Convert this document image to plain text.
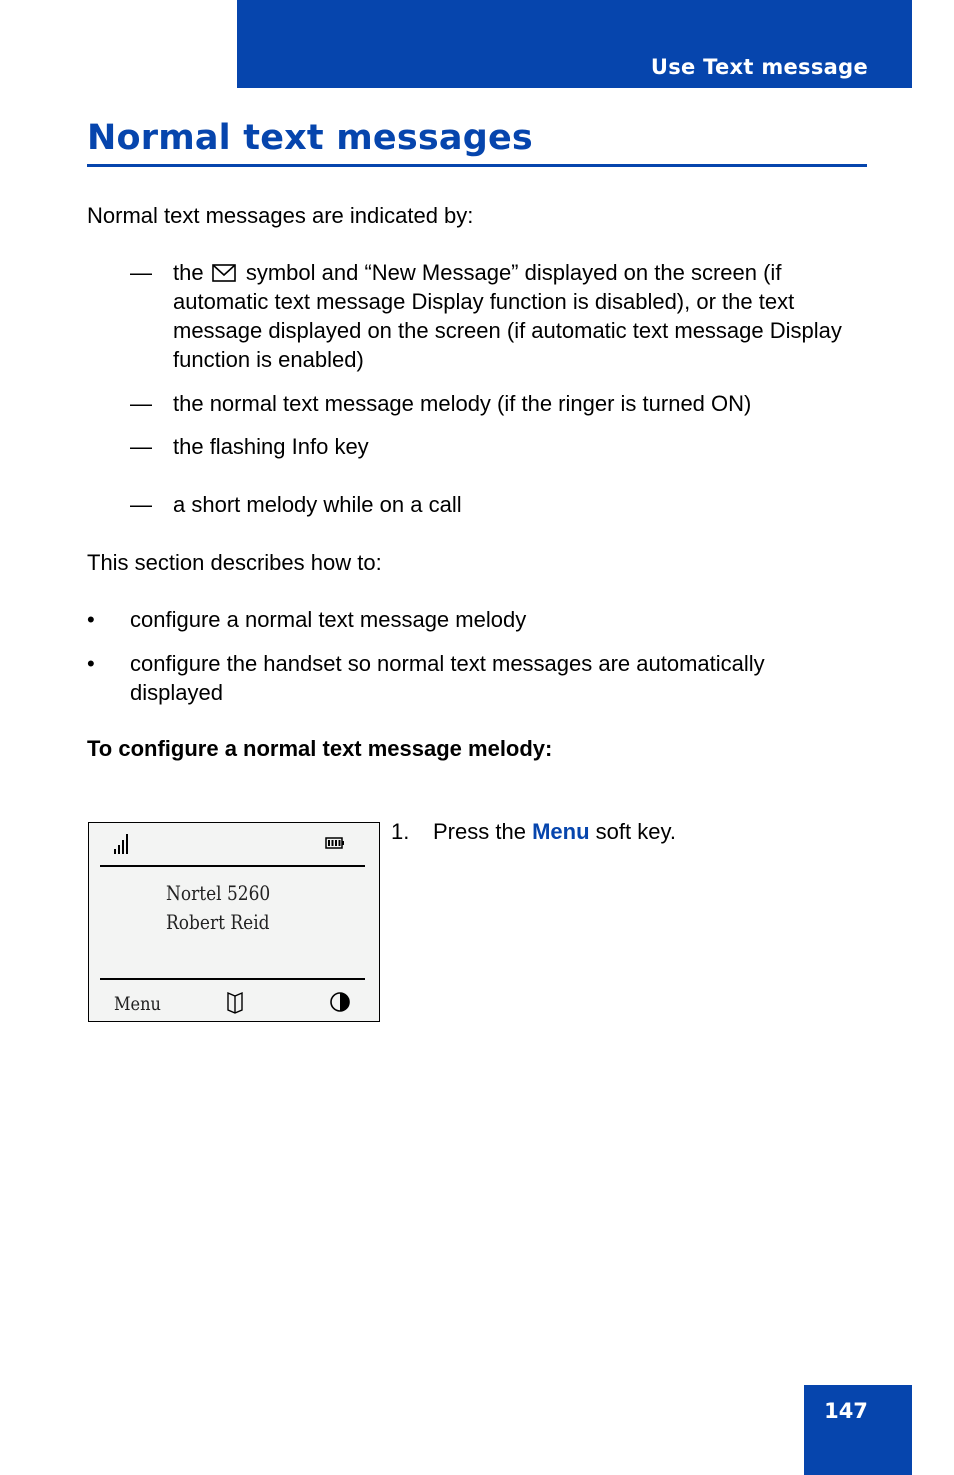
Use Text message
Normal text messages
Normal text messages are indicated by:
— the symbol and “New Message” displayed on the screen (if automatic text message Display function is disabled), or the text message displayed on the screen (if automatic text message Display function is enabled)
— the normal text message melody (if the ringer is turned ON)
— the flashing Info key
— a short melody while on a call
This section describes how to:
• configure a normal text message melody
• configure the handset so normal text messages are automatically displayed
To configure a normal text message melody:
Nortel 5260
Robert Reid
Menu
1. Press the Menu soft key.
147
